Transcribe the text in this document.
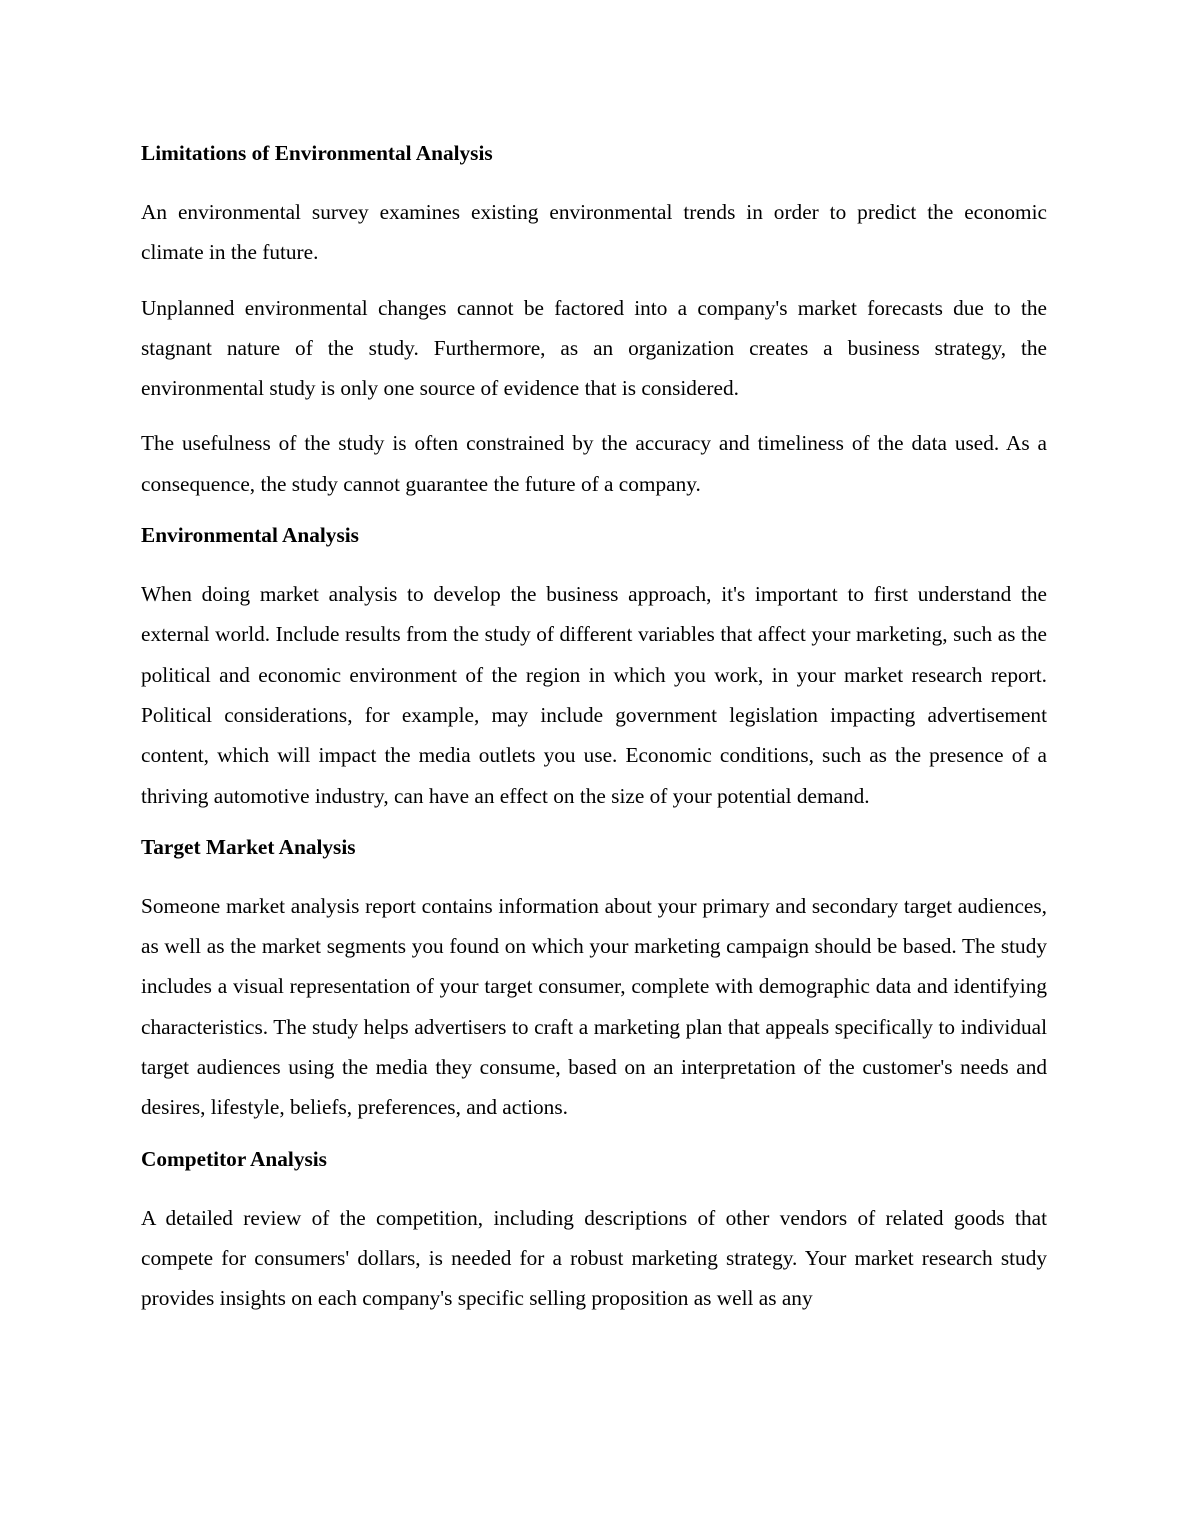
Limitations of Environmental Analysis

An environmental survey examines existing environmental trends in order to predict the economic climate in the future.

Unplanned environmental changes cannot be factored into a company's market forecasts due to the stagnant nature of the study. Furthermore, as an organization creates a business strategy, the environmental study is only one source of evidence that is considered.

The usefulness of the study is often constrained by the accuracy and timeliness of the data used. As a consequence, the study cannot guarantee the future of a company.

Environmental Analysis

When doing market analysis to develop the business approach, it's important to first understand the external world. Include results from the study of different variables that affect your marketing, such as the political and economic environment of the region in which you work, in your market research report. Political considerations, for example, may include government legislation impacting advertisement content, which will impact the media outlets you use. Economic conditions, such as the presence of a thriving automotive industry, can have an effect on the size of your potential demand.

Target Market Analysis

Someone market analysis report contains information about your primary and secondary target audiences, as well as the market segments you found on which your marketing campaign should be based. The study includes a visual representation of your target consumer, complete with demographic data and identifying characteristics. The study helps advertisers to craft a marketing plan that appeals specifically to individual target audiences using the media they consume, based on an interpretation of the customer's needs and desires, lifestyle, beliefs, preferences, and actions.

Competitor Analysis

A detailed review of the competition, including descriptions of other vendors of related goods that compete for consumers' dollars, is needed for a robust marketing strategy. Your market research study provides insights on each company's specific selling proposition as well as any
